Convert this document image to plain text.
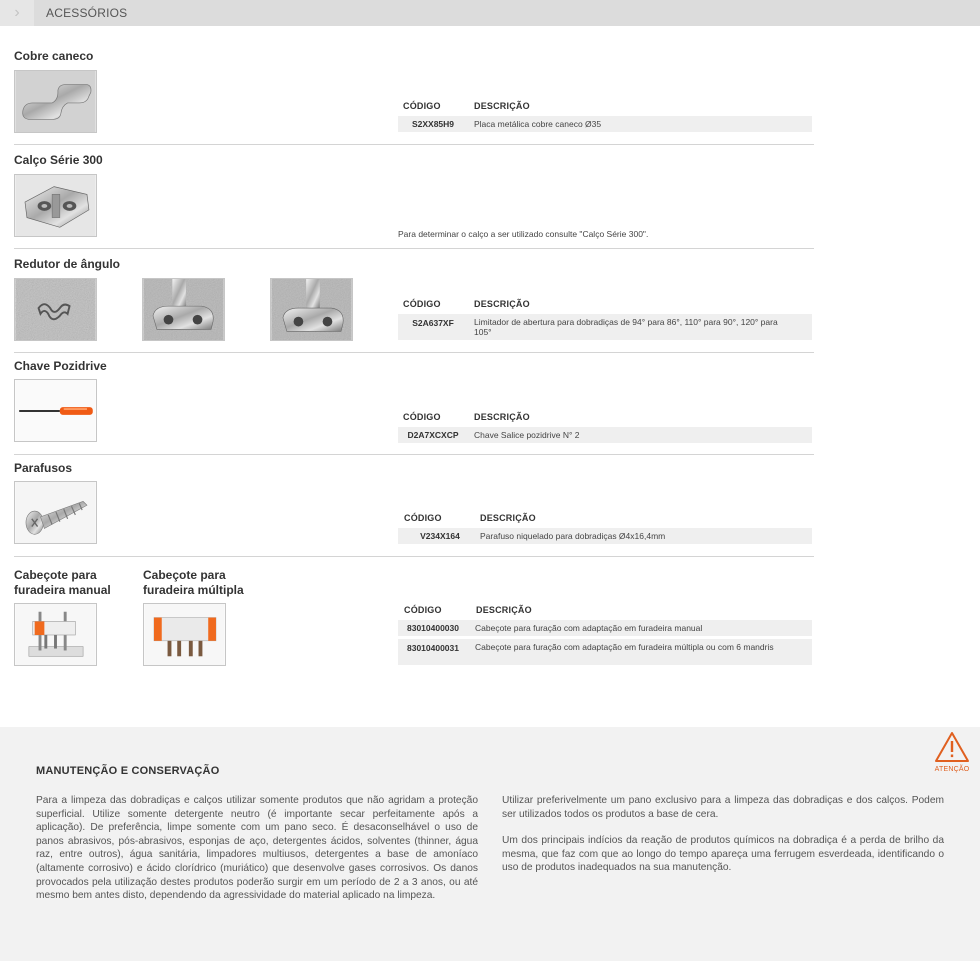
›	ACESSÓRIOS
Cobre caneco
CÓDIGO	DESCRIÇÃO
S2XX85H9	Placa metálica cobre caneco Ø35
Calço Série 300
Para determinar o calço a ser utilizado consulte "Calço Série 300".
Redutor de ângulo
CÓDIGO	DESCRIÇÃO
S2A637XF	Limitador de abertura para dobradiças de 94° para 86°, 110° para 90°, 120° para 105°
Chave Pozidrive
CÓDIGO	DESCRIÇÃO
D2A7XCXCP	Chave Salice pozidrive N° 2
Parafusos
CÓDIGO	DESCRIÇÃO
V234X164	Parafuso niquelado para dobradiças Ø4x16,4mm
Cabeçote para furadeira manual
Cabeçote para furadeira múltipla
CÓDIGO	DESCRIÇÃO
83010400030	Cabeçote para furação com adaptação em furadeira manual
83010400031	Cabeçote para furação com adaptação em furadeira múltipla ou com 6 mandris
ATENÇÃO
MANUTENÇÃO E CONSERVAÇÃO

Para a limpeza das dobradiças e calços utilizar somente produtos que não agridam a proteção superficial. Utilize somente detergente neutro (é importante secar perfeitamente após a aplicação). De preferência, limpe somente com um pano seco. É desaconselhável o uso de panos abrasivos, pós-abrasivos, esponjas de aço, detergentes ácidos, solventes (thinner, água raz, entre outros), água sanitária, limpadores multiusos, detergentes a base de amoníaco (altamente corrosivo) e ácido clorídrico (muriático) que desenvolve gases corrosivos. Os danos provocados pela utilização destes produtos poderão surgir em um período de 2 a 3 anos, ou até mesmo bem antes disto, dependendo da agressividade do material aplicado na limpeza.

Utilizar preferivelmente um pano exclusivo para a limpeza das dobradiças e dos calços. Podem ser utilizados todos os produtos a base de cera.

Um dos principais indícios da reação de produtos químicos na dobradiça é a perda de brilho da mesma, que faz com que ao longo do tempo apareça uma ferrugem esverdeada, identificando o uso de produtos inadequados na sua manutenção.
